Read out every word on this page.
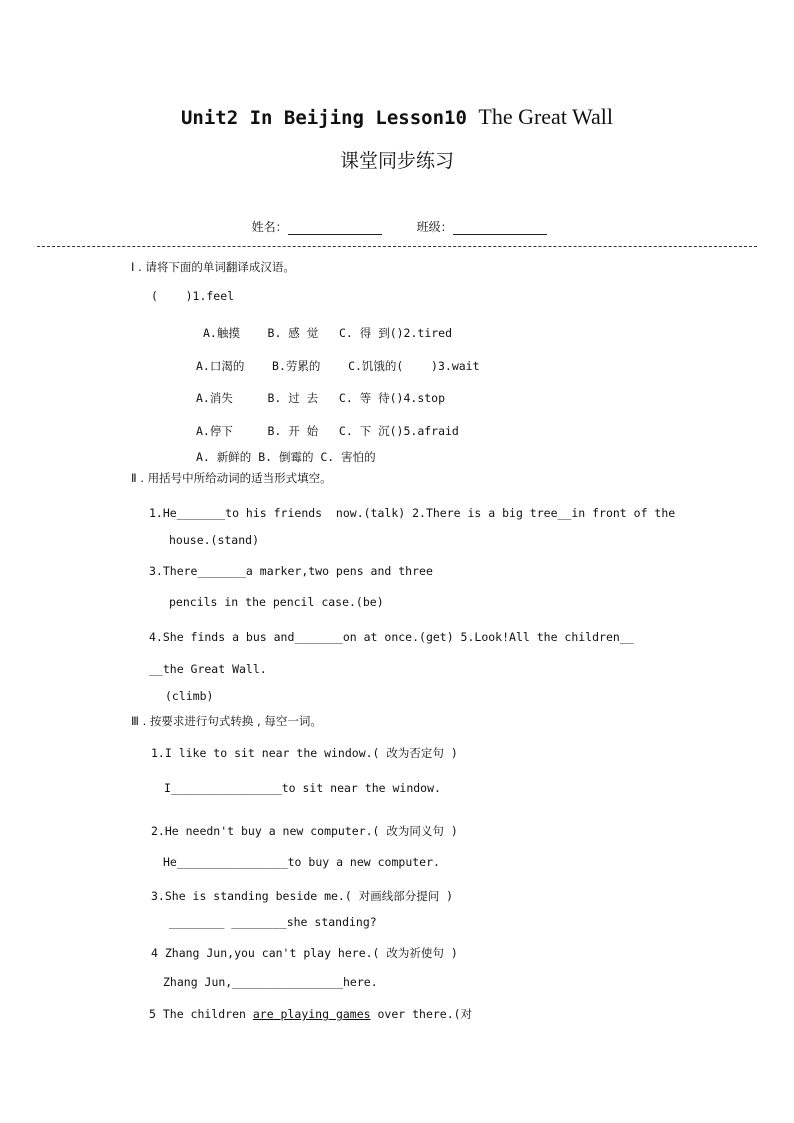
Unit2 In Beijing Lesson10 The Great Wall
课堂同步练习

姓名：	班级：

Ⅰ . 请将下面的单词翻译成汉语。
(    )1.feel
A.触摸    B. 感 觉   C. 得 到()2.tired
A.口渴的    B.劳累的    C.饥饿的(    )3.wait
A.消失     B. 过 去   C. 等 待()4.stop
A.停下     B. 开 始   C. 下 沉()5.afraid
A. 新鲜的 B. 倒霉的 C. 害怕的
Ⅱ . 用括号中所给动词的适当形式填空。
1.He_______to his friends  now.(talk) 2.There is a big tree__in front of the
house.(stand)
3.There_______a marker,two pens and three
pencils in the pencil case.(be)
4.She finds a bus and_______on at once.(get) 5.Look!All the children__
__the Great Wall.
(climb)
Ⅲ . 按要求进行句式转换 , 每空一词。
1.I like to sit near the window.( 改为否定句 )
I________________to sit near the window.
2.He needn't buy a new computer.( 改为同义句 )
He________________to buy a new computer.
3.She is standing beside me.( 对画线部分提问 )
________ ________she standing?
4 Zhang Jun,you can't play here.( 改为祈使句 )
Zhang Jun,________________here.
5 The children are playing games over there.(对
